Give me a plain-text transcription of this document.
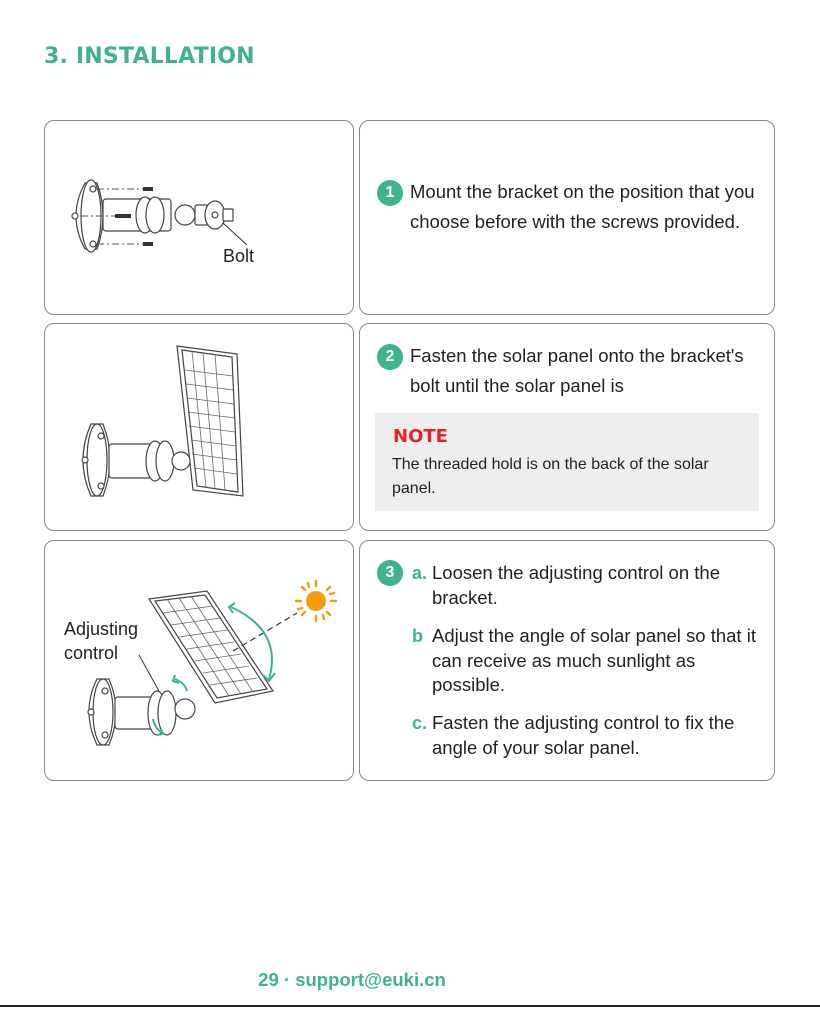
3. INSTALLATION
Bolt
1 Mount the bracket on the position that you choose before with the screws provided.
2 Fasten the solar panel onto the bracket's bolt until the solar panel is
NOTE
The threaded hold is on the back of the solar panel.
Adjusting control
3 a. Loosen the adjusting control on the bracket.
b Adjust the angle of solar panel so that it can receive as much sunlight as possible.
c. Fasten the adjusting control to fix the angle of your solar panel.
29 · support@euki.cn
